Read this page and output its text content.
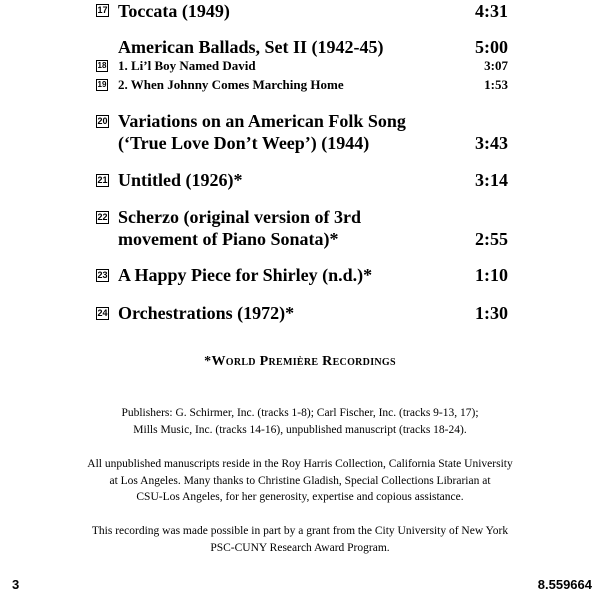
17 Toccata (1949)	4:31
American Ballads, Set II (1942-45)	5:00
18 1. Li’l Boy Named David	3:07
19 2. When Johnny Comes Marching Home	1:53
20 Variations on an American Folk Song
(‘True Love Don’t Weep’) (1944)	3:43
21 Untitled (1926)*	3:14
22 Scherzo (original version of 3rd
movement of Piano Sonata)*	2:55
23 A Happy Piece for Shirley (n.d.)*	1:10
24 Orchestrations (1972)*	1:30
*World Première Recordings
Publishers: G. Schirmer, Inc. (tracks 1-8); Carl Fischer, Inc. (tracks 9-13, 17);
Mills Music, Inc. (tracks 14-16), unpublished manuscript (tracks 18-24).
All unpublished manuscripts reside in the Roy Harris Collection, California State University
at Los Angeles. Many thanks to Christine Gladish, Special Collections Librarian at
CSU-Los Angeles, for her generosity, expertise and copious assistance.
This recording was made possible in part by a grant from the City University of New York
PSC-CUNY Research Award Program.
3	8.559664
